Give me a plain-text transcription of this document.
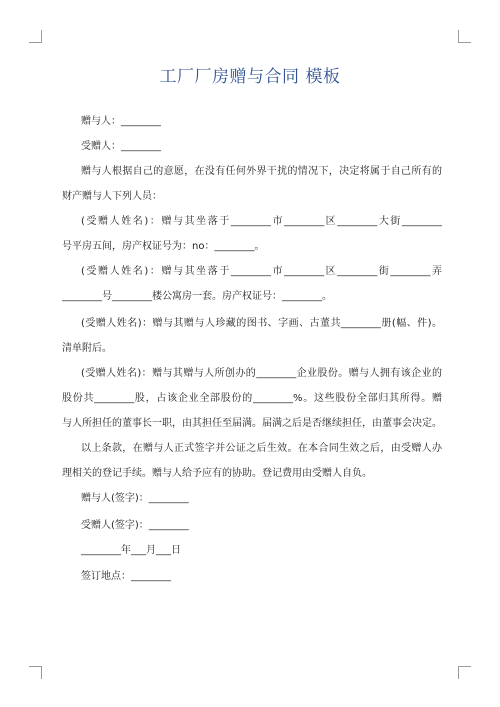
工厂厂房赠与合同 模板
赠与人：________
受赠人：________
赠与人根据自己的意愿，在没有任何外界干扰的情况下，决定将属于自己所有的
财产赠与人下列人员：
(受赠人姓名)：赠与其坐落于________市________区________大街________
号平房五间，房产权证号为：no：________。
(受赠人姓名)：赠与其坐落于________市________区________街________弄
________号________楼公寓房一套。房产权证号：________。
(受赠人姓名)：赠与其赠与人珍藏的图书、字画、古董共________册(幅、件)。
清单附后。
(受赠人姓名)：赠与其赠与人所创办的________企业股份。赠与人拥有该企业的
股份共________股，占该企业全部股份的________%。这些股份全部归其所得。赠
与人所担任的董事长一职，由其担任至届满。届满之后是否继续担任，由董事会决定。
以上条款，在赠与人正式签字并公证之后生效。在本合同生效之后，由受赠人办
理相关的登记手续。赠与人给予应有的协助。登记费用由受赠人自负。
赠与人(签字)：________
受赠人(签字)：________
________年___月___日
签订地点：________
